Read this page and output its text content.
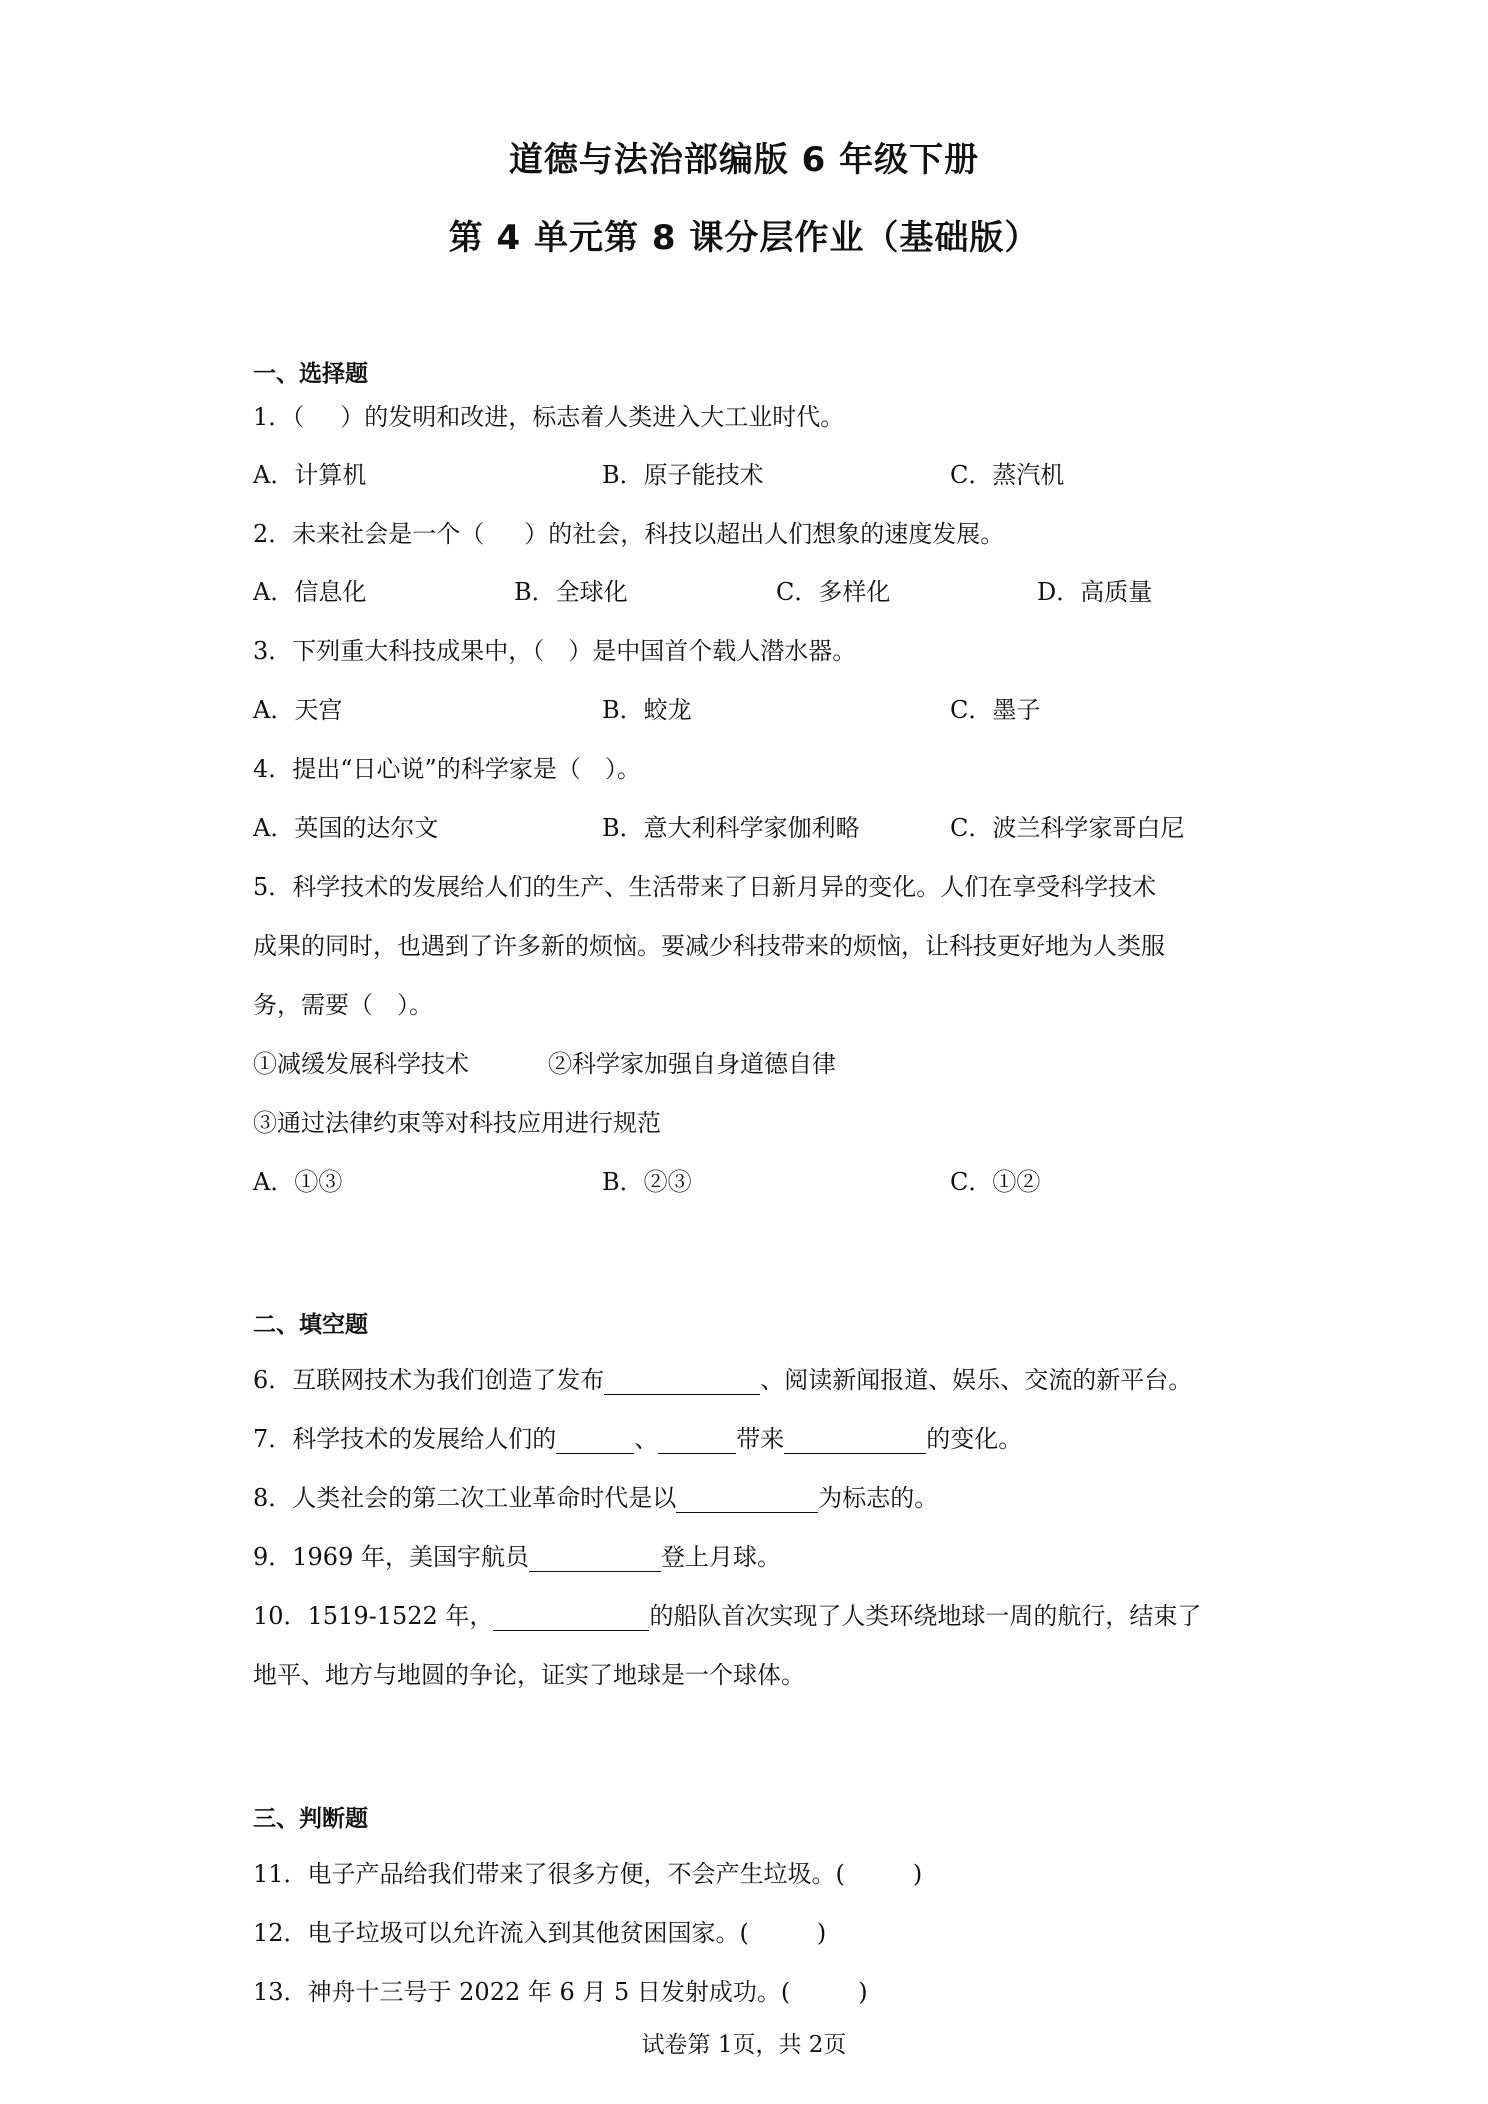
道德与法治部编版 6 年级下册
第 4 单元第 8 课分层作业（基础版）
一、选择题
1．（ ）的发明和改进，标志着人类进入大工业时代。
A．计算机	B．原子能技术	C．蒸汽机
2．未来社会是一个（ ）的社会，科技以超出人们想象的速度发展。
A．信息化	B．全球化	C．多样化	D．高质量
3．下列重大科技成果中，（ ）是中国首个载人潜水器。
A．天宫	B．蛟龙	C．墨子
4．提出“日心说”的科学家是（ ）。
A．英国的达尔文	B．意大利科学家伽利略	C．波兰科学家哥白尼
5．科学技术的发展给人们的生产、生活带来了日新月异的变化。人们在享受科学技术
成果的同时，也遇到了许多新的烦恼。要减少科技带来的烦恼，让科技更好地为人类服
务，需要（ ）。
①减缓发展科学技术	②科学家加强自身道德自律
③通过法律约束等对科技应用进行规范
A．①③	B．②③	C．①②
二、填空题
6．互联网技术为我们创造了发布	、阅读新闻报道、娱乐、交流的新平台。
7．科学技术的发展给人们的	、	带来	的变化。
8．人类社会的第二次工业革命时代是以	为标志的。
9．1969 年，美国宇航员	登上月球。
10．1519-1522 年，	的船队首次实现了人类环绕地球一周的航行，结束了
地平、地方与地圆的争论，证实了地球是一个球体。
三、判断题
11．电子产品给我们带来了很多方便，不会产生垃圾。(	)
12．电子垃圾可以允许流入到其他贫困国家。(	)
13．神舟十三号于 2022 年 6 月 5 日发射成功。(	)
试卷第 1页，共 2页
